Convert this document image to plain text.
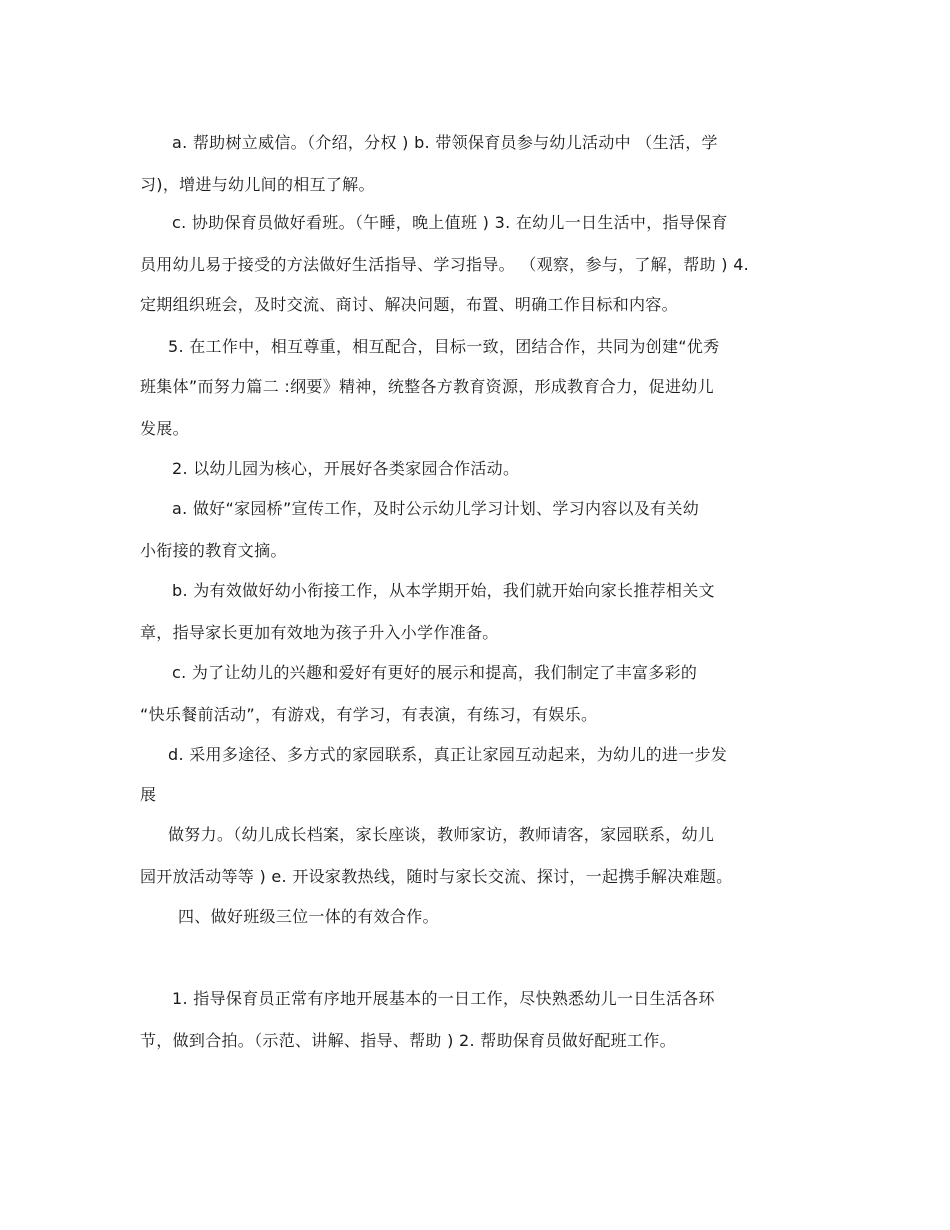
a. 帮助树立威信。（介绍，分权 ) b. 带领保育员参与幼儿活动中 （生活，学
习)，增进与幼儿间的相互了解。
c. 协助保育员做好看班。（午睡，晚上值班 ) 3. 在幼儿一日生活中，指导保育
员用幼儿易于接受的方法做好生活指导、学习指导。 （观察，参与，了解，帮助 ) 4.
定期组织班会，及时交流、商讨、解决问题，布置、明确工作目标和内容。
5. 在工作中，相互尊重，相互配合，目标一致，团结合作，共同为创建“优秀
班集体”而努力篇二 :纲要》精神，统整各方教育资源，形成教育合力，促进幼儿
发展。
2. 以幼儿园为核心，开展好各类家园合作活动。
a. 做好“家园桥”宣传工作，及时公示幼儿学习计划、学习内容以及有关幼
小衔接的教育文摘。
b. 为有效做好幼小衔接工作，从本学期开始，我们就开始向家长推荐相关文
章，指导家长更加有效地为孩子升入小学作准备。
c. 为了让幼儿的兴趣和爱好有更好的展示和提高，我们制定了丰富多彩的
“快乐餐前活动”，有游戏，有学习，有表演，有练习，有娱乐。
d. 采用多途径、多方式的家园联系，真正让家园互动起来，为幼儿的进一步发
展
做努力。（幼儿成长档案，家长座谈，教师家访，教师请客，家园联系，幼儿
园开放活动等等 ) e. 开设家教热线，随时与家长交流、探讨，一起携手解决难题。
四、做好班级三位一体的有效合作。
1. 指导保育员正常有序地开展基本的一日工作，尽快熟悉幼儿一日生活各环
节，做到合拍。（示范、讲解、指导、帮助 ) 2. 帮助保育员做好配班工作。
